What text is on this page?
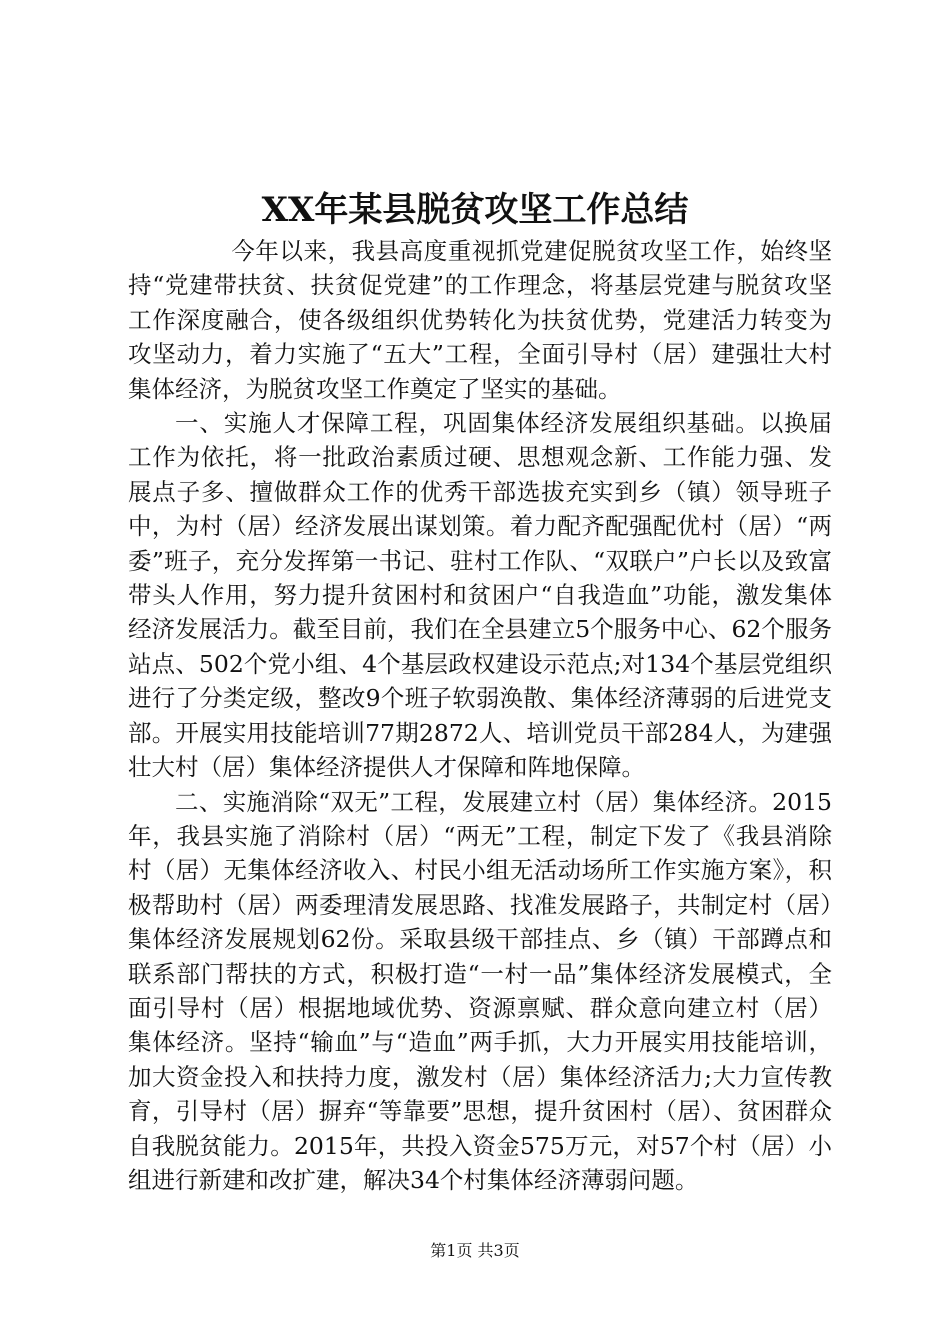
XX年某县脱贫攻坚工作总结

今年以来，我县高度重视抓党建促脱贫攻坚工作，始终坚持“党建带扶贫、扶贫促党建”的工作理念，将基层党建与脱贫攻坚工作深度融合，使各级组织优势转化为扶贫优势，党建活力转变为攻坚动力，着力实施了“五大”工程，全面引导村（居）建强壮大村集体经济，为脱贫攻坚工作奠定了坚实的基础。

一、实施人才保障工程，巩固集体经济发展组织基础。以换届工作为依托，将一批政治素质过硬、思想观念新、工作能力强、发展点子多、擅做群众工作的优秀干部选拔充实到乡（镇）领导班子中，为村（居）经济发展出谋划策。着力配齐配强配优村（居）“两委”班子，充分发挥第一书记、驻村工作队、“双联户”户长以及致富带头人作用，努力提升贫困村和贫困户“自我造血”功能，激发集体经济发展活力。截至目前，我们在全县建立5个服务中心、62个服务站点、502个党小组、4个基层政权建设示范点;对134个基层党组织进行了分类定级，整改9个班子软弱涣散、集体经济薄弱的后进党支部。开展实用技能培训77期2872人、培训党员干部284人，为建强壮大村（居）集体经济提供人才保障和阵地保障。

二、实施消除“双无”工程，发展建立村（居）集体经济。2015年，我县实施了消除村（居）“两无”工程，制定下发了《我县消除村（居）无集体经济收入、村民小组无活动场所工作实施方案》，积极帮助村（居）两委理清发展思路、找准发展路子，共制定村（居）集体经济发展规划62份。采取县级干部挂点、乡（镇）干部蹲点和联系部门帮扶的方式，积极打造“一村一品”集体经济发展模式，全面引导村（居）根据地域优势、资源禀赋、群众意向建立村（居）集体经济。坚持“输血”与“造血”两手抓，大力开展实用技能培训，加大资金投入和扶持力度，激发村（居）集体经济活力;大力宣传教育，引导村（居）摒弃“等靠要”思想，提升贫困村（居）、贫困群众自我脱贫能力。2015年，共投入资金575万元，对57个村（居）小组进行新建和改扩建，解决34个村集体经济薄弱问题。

第1页 共3页
